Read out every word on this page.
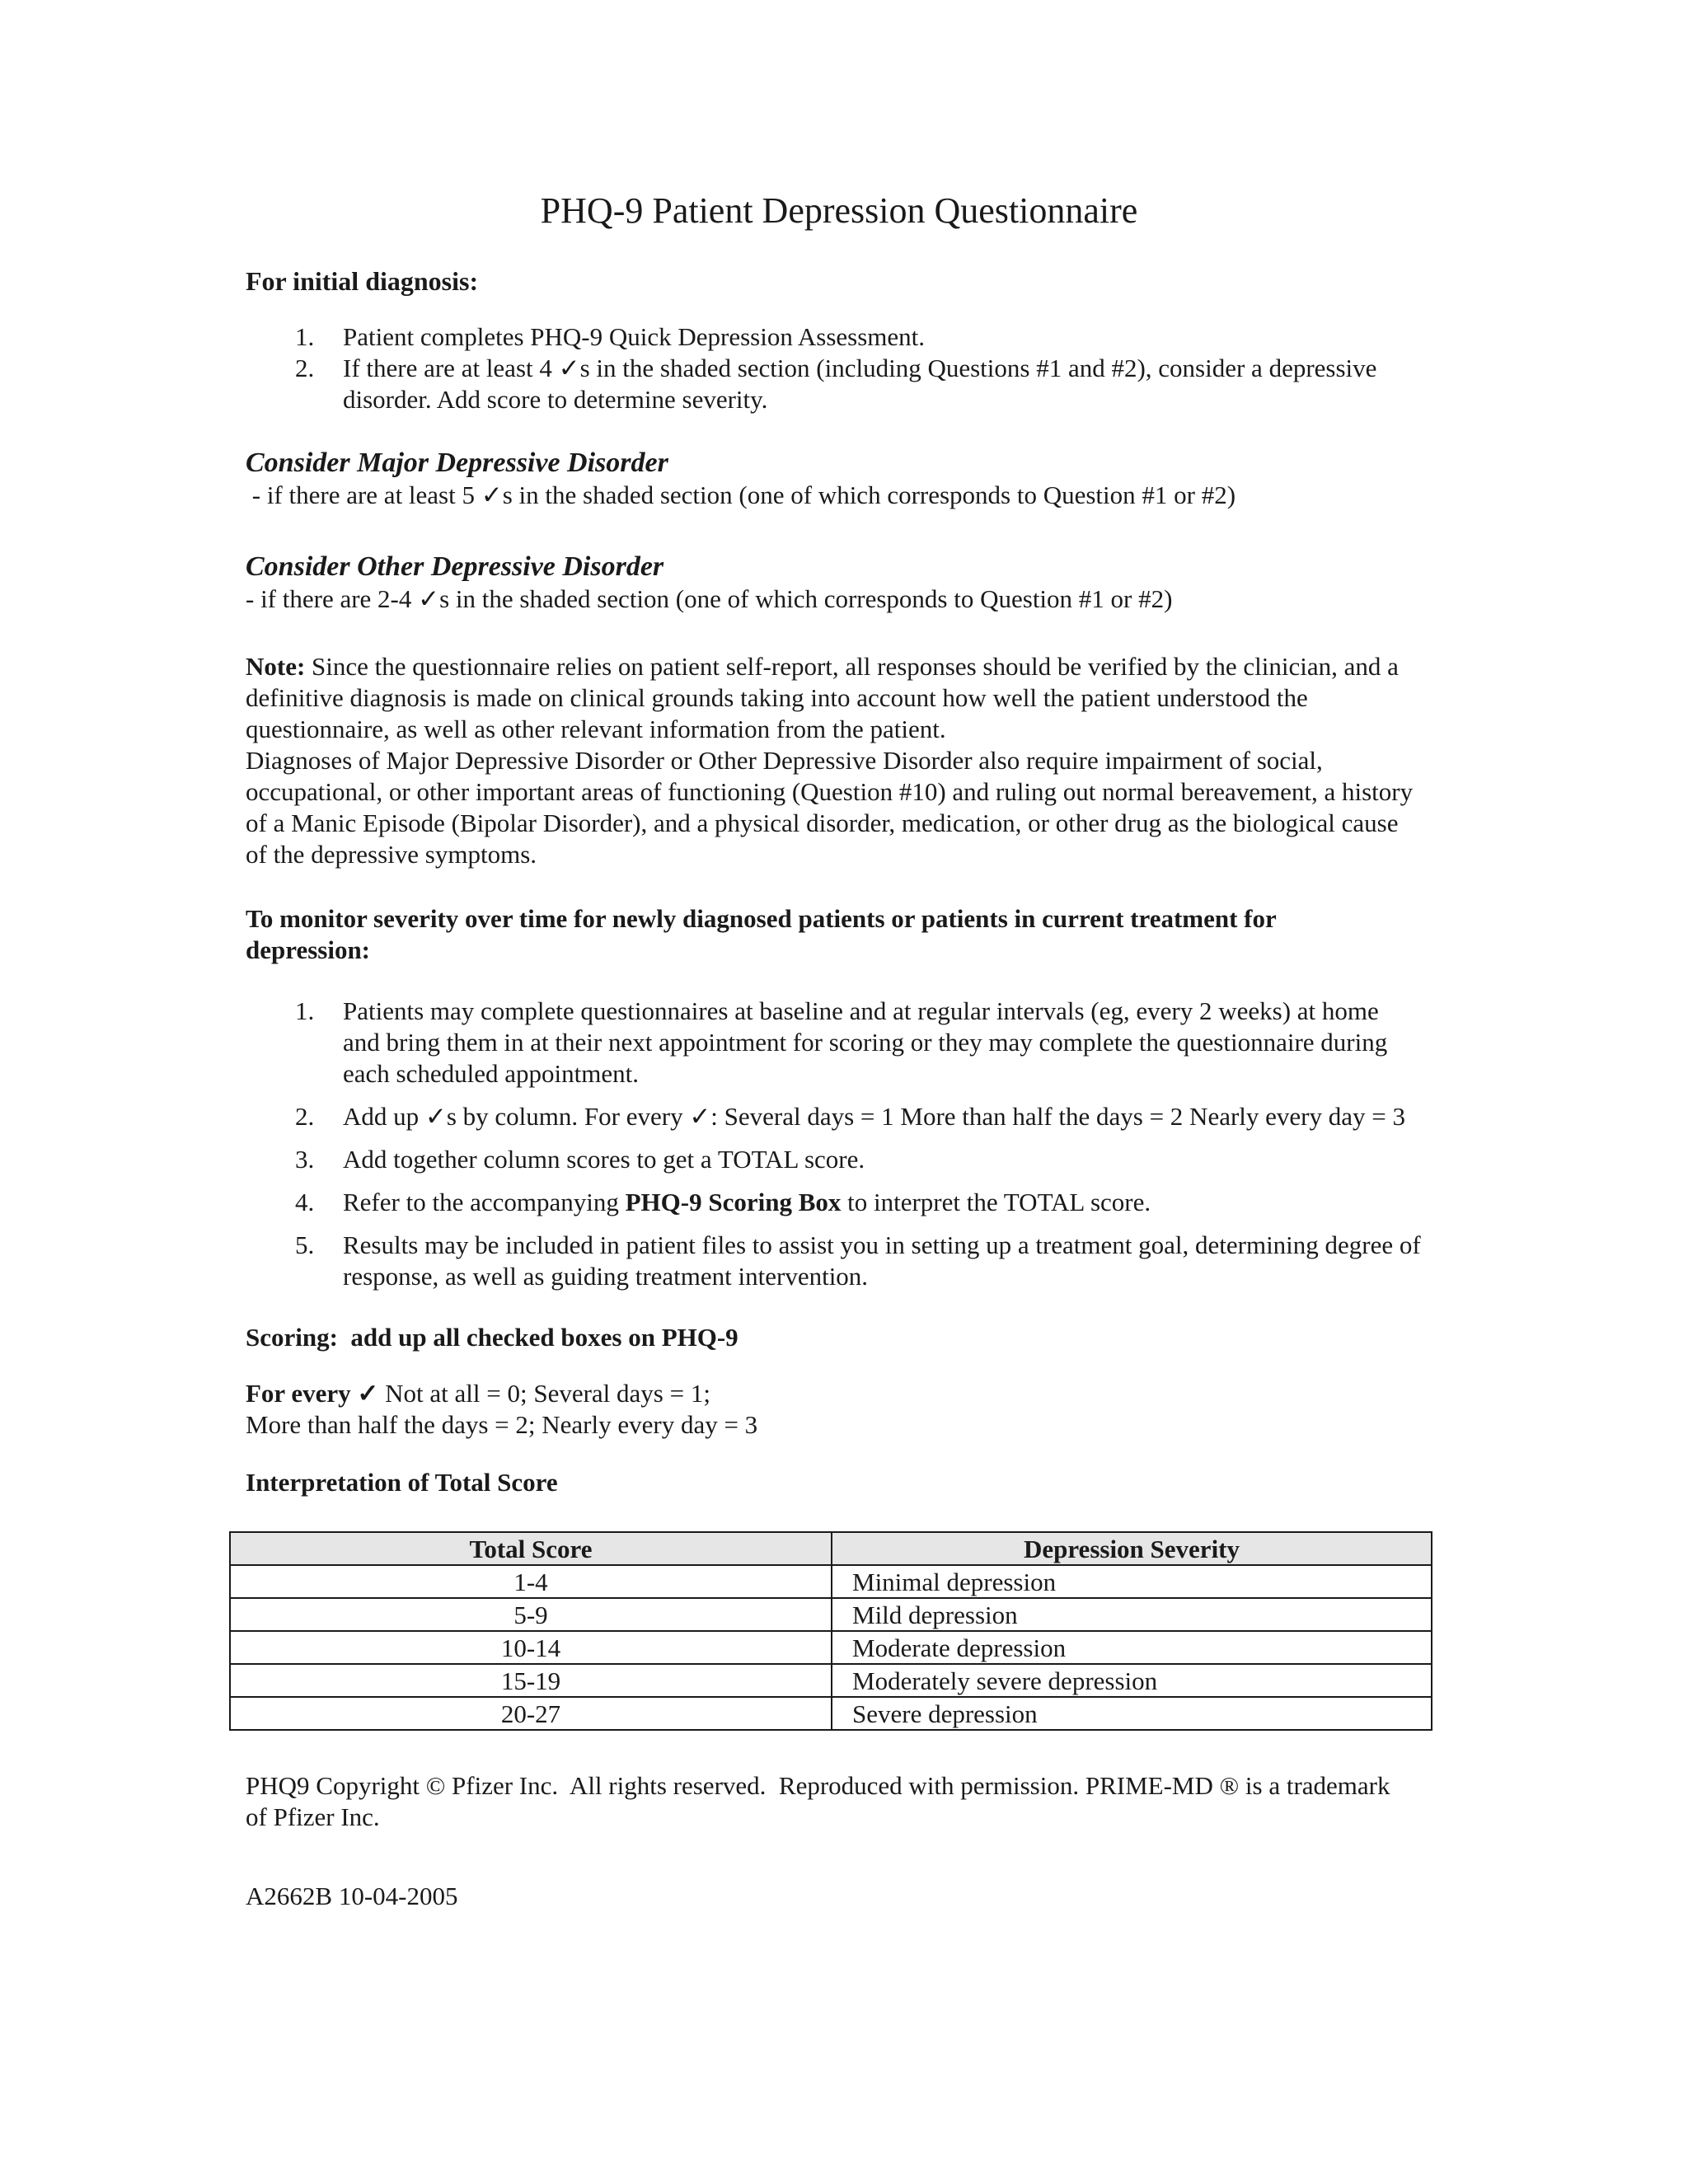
PHQ-9 Patient Depression Questionnaire

For initial diagnosis:

1. Patient completes PHQ-9 Quick Depression Assessment.
2. If there are at least 4 ✓s in the shaded section (including Questions #1 and #2), consider a depressive disorder. Add score to determine severity.

Consider Major Depressive Disorder

- if there are at least 5 ✓s in the shaded section (one of which corresponds to Question #1 or #2)

Consider Other Depressive Disorder

- if there are 2-4 ✓s in the shaded section (one of which corresponds to Question #1 or #2)

Note: Since the questionnaire relies on patient self-report, all responses should be verified by the clinician, and a definitive diagnosis is made on clinical grounds taking into account how well the patient understood the questionnaire, as well as other relevant information from the patient.

Diagnoses of Major Depressive Disorder or Other Depressive Disorder also require impairment of social, occupational, or other important areas of functioning (Question #10) and ruling out normal bereavement, a history of a Manic Episode (Bipolar Disorder), and a physical disorder, medication, or other drug as the biological cause of the depressive symptoms.

To monitor severity over time for newly diagnosed patients or patients in current treatment for depression:

1. Patients may complete questionnaires at baseline and at regular intervals (eg, every 2 weeks) at home and bring them in at their next appointment for scoring or they may complete the questionnaire during each scheduled appointment.
2. Add up ✓s by column. For every ✓: Several days = 1 More than half the days = 2 Nearly every day = 3
3. Add together column scores to get a TOTAL score.
4. Refer to the accompanying PHQ-9 Scoring Box to interpret the TOTAL score.
5. Results may be included in patient files to assist you in setting up a treatment goal, determining degree of response, as well as guiding treatment intervention.

Scoring:  add up all checked boxes on PHQ-9

For every ✓ Not at all = 0; Several days = 1;

More than half the days = 2; Nearly every day = 3

Interpretation of Total Score

Total Score	Depression Severity
1-4	Minimal depression
5-9	Mild depression
10-14	Moderate depression
15-19	Moderately severe depression
20-27	Severe depression

PHQ9 Copyright © Pfizer Inc.  All rights reserved.  Reproduced with permission. PRIME-MD ® is a trademark of Pfizer Inc.

A2662B 10-04-2005
